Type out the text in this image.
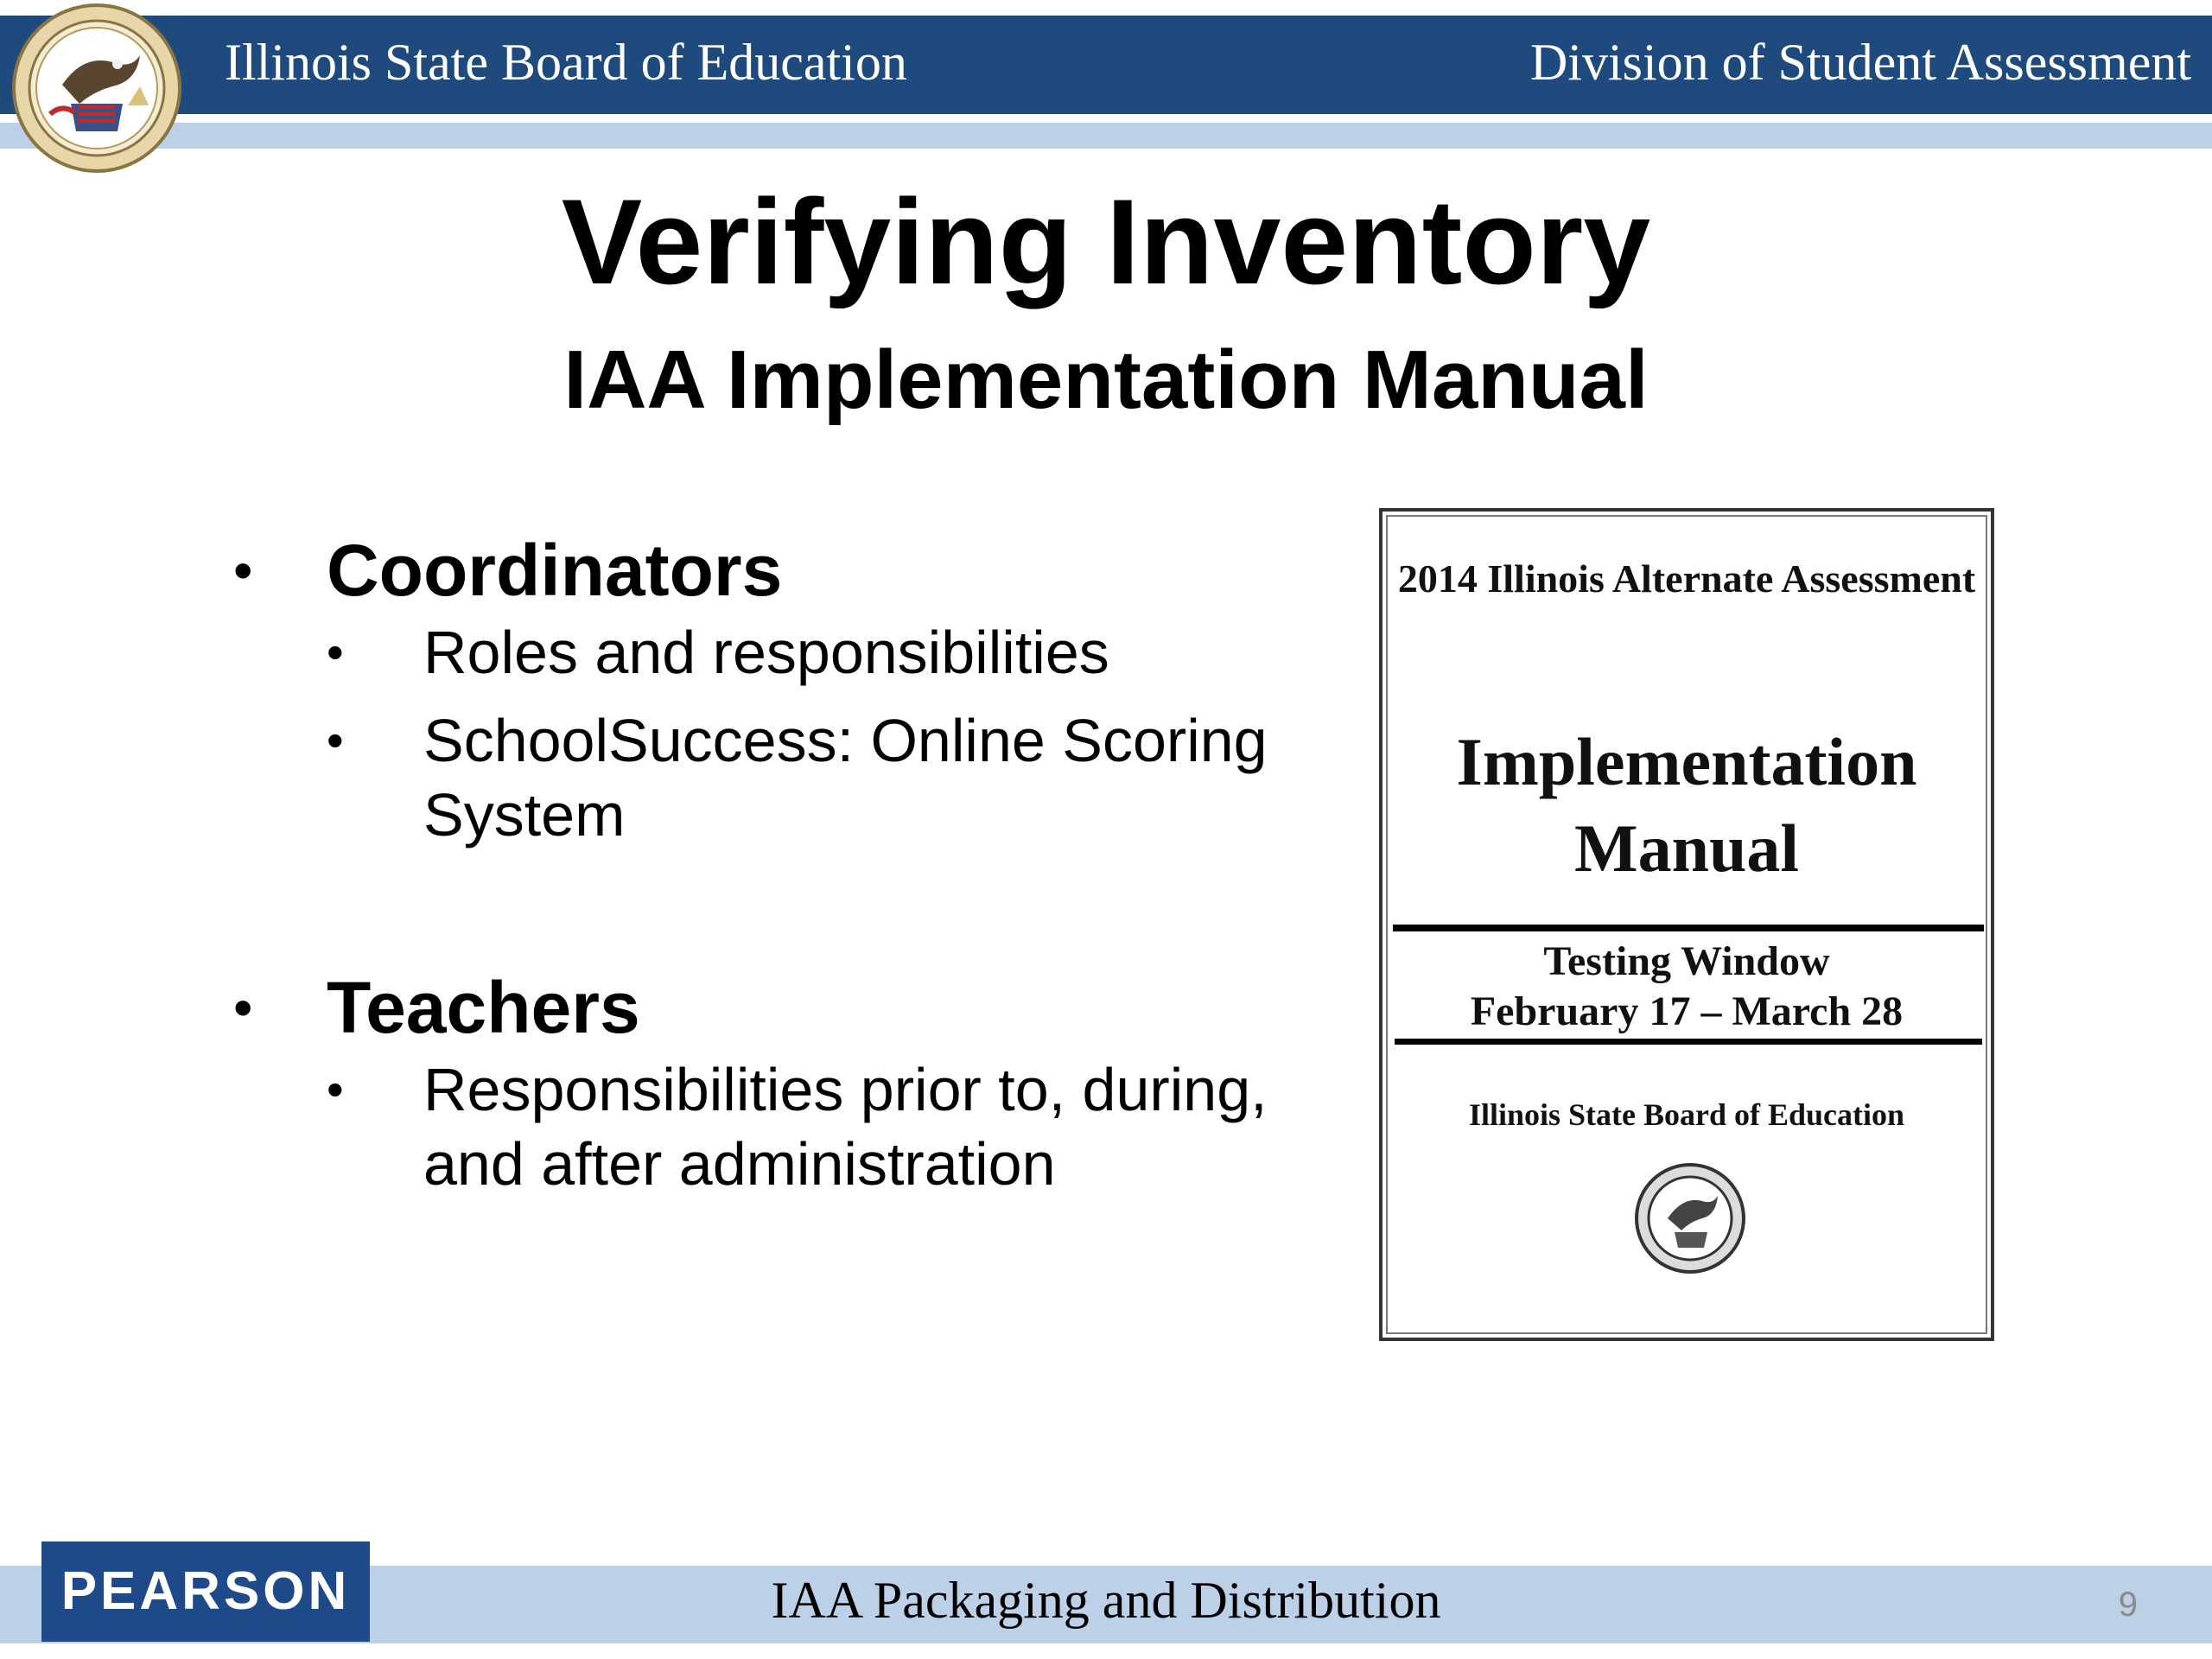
Illinois State Board of Education	Division of Student Assessment
Verifying Inventory
IAA Implementation Manual
• Coordinators
• Roles and responsibilities
• SchoolSuccess: Online Scoring System
• Teachers
• Responsibilities prior to, during, and after administration
2014 Illinois Alternate Assessment
Implementation Manual
Testing Window
February 17 – March 28
Illinois State Board of Education
PEARSON	IAA Packaging and Distribution	9
